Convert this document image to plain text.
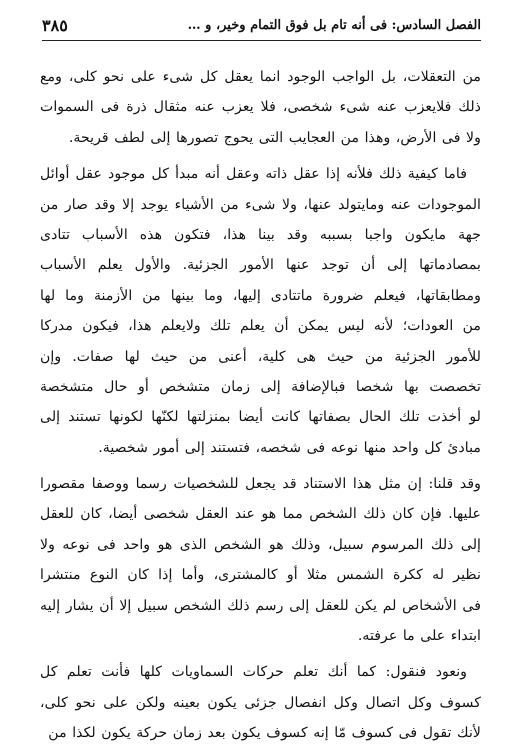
الفصل السادس: فى أنه تام بل فوق التمام وخير، و …
٣٨٥
من التعقلات، بل الواجب الوجود انما يعقل كل شىء على نحو كلى، ومع
ذلك فلايعزب عنه شىء شخصى، فلا يعزب عنه مثقال ذرة فى السموات
ولا فى الأرض، وهذا من العجايب التى يحوج تصورها إلى لطف قريحة.
فاما كيفية ذلك فلأنه إذا عقل ذاته وعقل أنه مبدأ كل موجود عقل أوائل
الموجودات عنه ومايتولد عنها، ولا شىء من الأشياء يوجد إلا وقد صار من
جهة مايكون واجبا بسببه وقد بينا هذا، فتكون هذه الأسباب تتادى
بمصادماتها إلى أن توجد عنها الأمور الجزئية. والأول يعلم الأسباب
ومطابقاتها، فيعلم ضرورة ماتتادى إليها، وما بينها من الأزمنة وما لها
من العودات؛ لأنه ليس يمكن أن يعلم تلك ولايعلم هذا، فيكون مدركا
للأمور الجزئية من حيث هى كلية، أعنى من حيث لها صفات. وإن
تخصصت بها شخصا فبالإضافة إلى زمان متشخص أو حال متشخصة
لو أخذت تلك الحال بصفاتها كانت أيضا بمنزلتها لكنّها لكونها تستند إلى
مبادئ كل واحد منها نوعه فى شخصه، فتستند إلى أمور شخصية.
وقد قلنا: إن مثل هذا الاستناد قد يجعل للشخصيات رسما ووصفا مقصورا
عليها. فإن كان ذلك الشخص مما هو عند العقل شخصى أيضا، كان للعقل
إلى ذلك المرسوم سبيل، وذلك هو الشخص الذى هو واحد فى نوعه ولا
نظير له ككرة الشمس مثلا أو كالمشترى، وأما إذا كان النوع منتشرا
فى الأشخاص لم يكن للعقل إلى رسم ذلك الشخص سبيل إلا أن يشار إليه
ابتداء على ما عرفته.
ونعود فنقول: كما أنك تعلم حركات السماويات كلها فأنت تعلم كل
كسوف وكل اتصال وكل انفصال جزئى يكون بعينه ولكن على نحو كلى،
لأنك تقول فى كسوف مّا إنه كسوف يكون بعد زمان حركة يكون لكذا من
